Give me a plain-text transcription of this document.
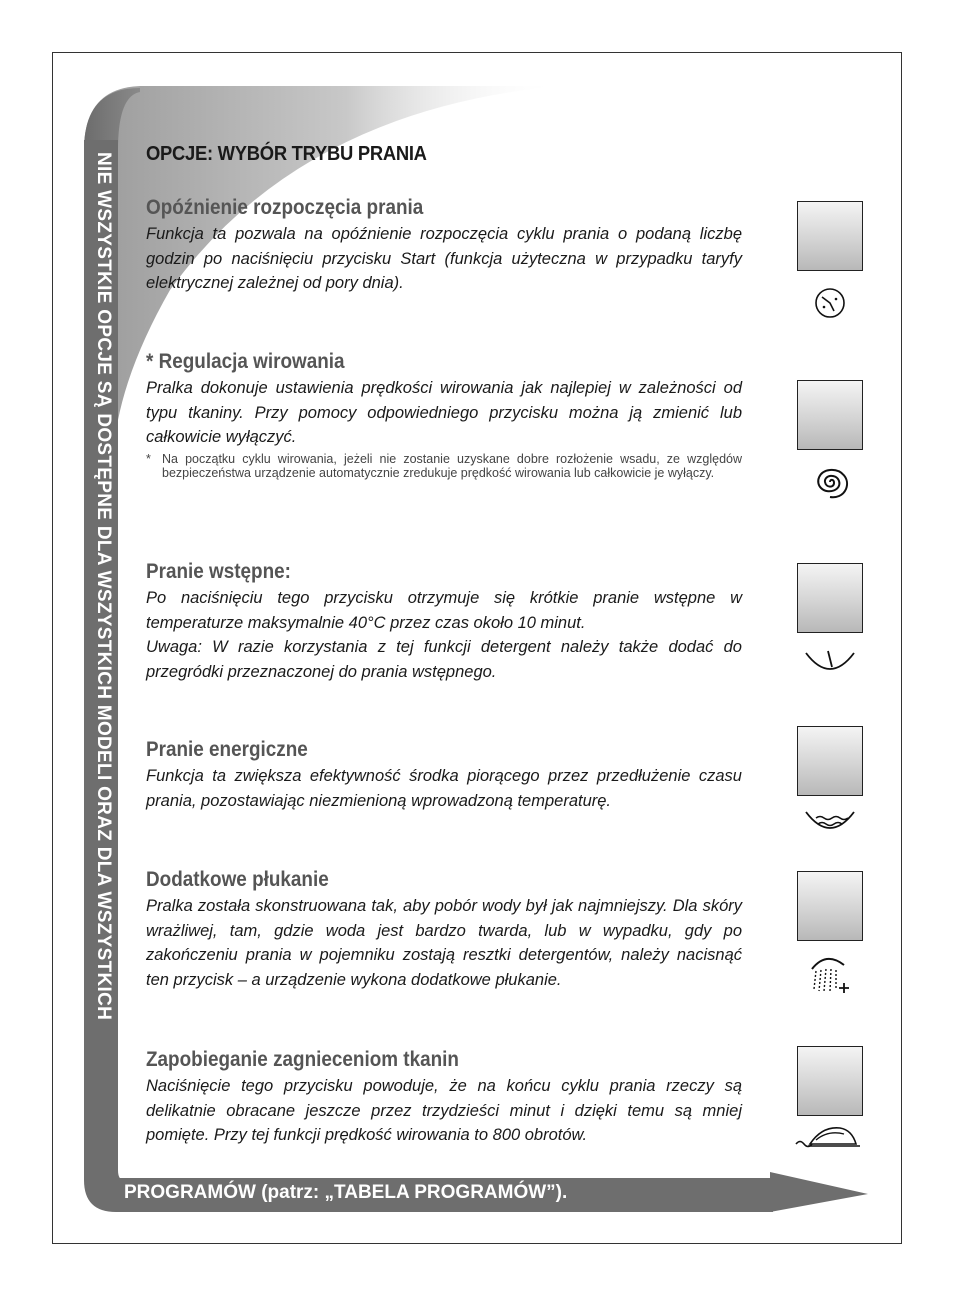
NIE WSZYSTKIE OPCJE SĄ DOSTĘPNE DLA WSZYSTKICH MODELI ORAZ DLA WSZYSTKICH
PROGRAMÓW (patrz: „TABELA PROGRAMÓW”).
OPCJE: WYBÓR TRYBU PRANIA
Opóźnienie rozpoczęcia prania

Funkcja ta pozwala na opóźnienie rozpoczęcia cyklu prania o podaną liczbę godzin po naciśnięciu przycisku Start (funkcja użyteczna w przypadku taryfy elektrycznej zależnej od pory dnia).

* Regulacja wirowania

Pralka dokonuje ustawienia prędkości wirowania jak najlepiej w zależności od typu tkaniny. Przy pomocy odpowiedniego przycisku można ją zmienić lub całkowicie wyłączyć.

* Na początku cyklu wirowania, jeżeli nie zostanie uzyskane dobre rozłożenie wsadu, ze względów bezpieczeństwa urządzenie automatycznie zredukuje prędkość wirowania lub całkowicie je wyłączy.
Pranie wstępne:

Po naciśnięciu tego przycisku otrzymuje się krótkie pranie wstępne w temperaturze maksymalnie 40°C przez czas około 10 minut.

Uwaga: W razie korzystania z tej funkcji detergent należy także dodać do przegródki przeznaczonej do prania wstępnego.

Pranie energiczne

Funkcja ta zwiększa efektywność środka piorącego przez przedłużenie czasu prania, pozostawiając niezmienioną wprowadzoną temperaturę.

Dodatkowe płukanie

Pralka została skonstruowana tak, aby pobór wody był jak najmniejszy. Dla skóry wrażliwej, tam, gdzie woda jest bardzo twarda, lub w wypadku, gdy po zakończeniu prania w pojemniku zostają resztki detergentów, należy nacisnąć ten przycisk – a urządzenie wykona dodatkowe płukanie.

Zapobieganie zagnieceniom tkanin

Naciśnięcie tego przycisku powoduje, że na końcu cyklu prania rzeczy są delikatnie obracane jeszcze przez trzydzieści minut i dzięki temu są mniej pomięte. Przy tej funkcji prędkość wirowania to 800 obrotów.
